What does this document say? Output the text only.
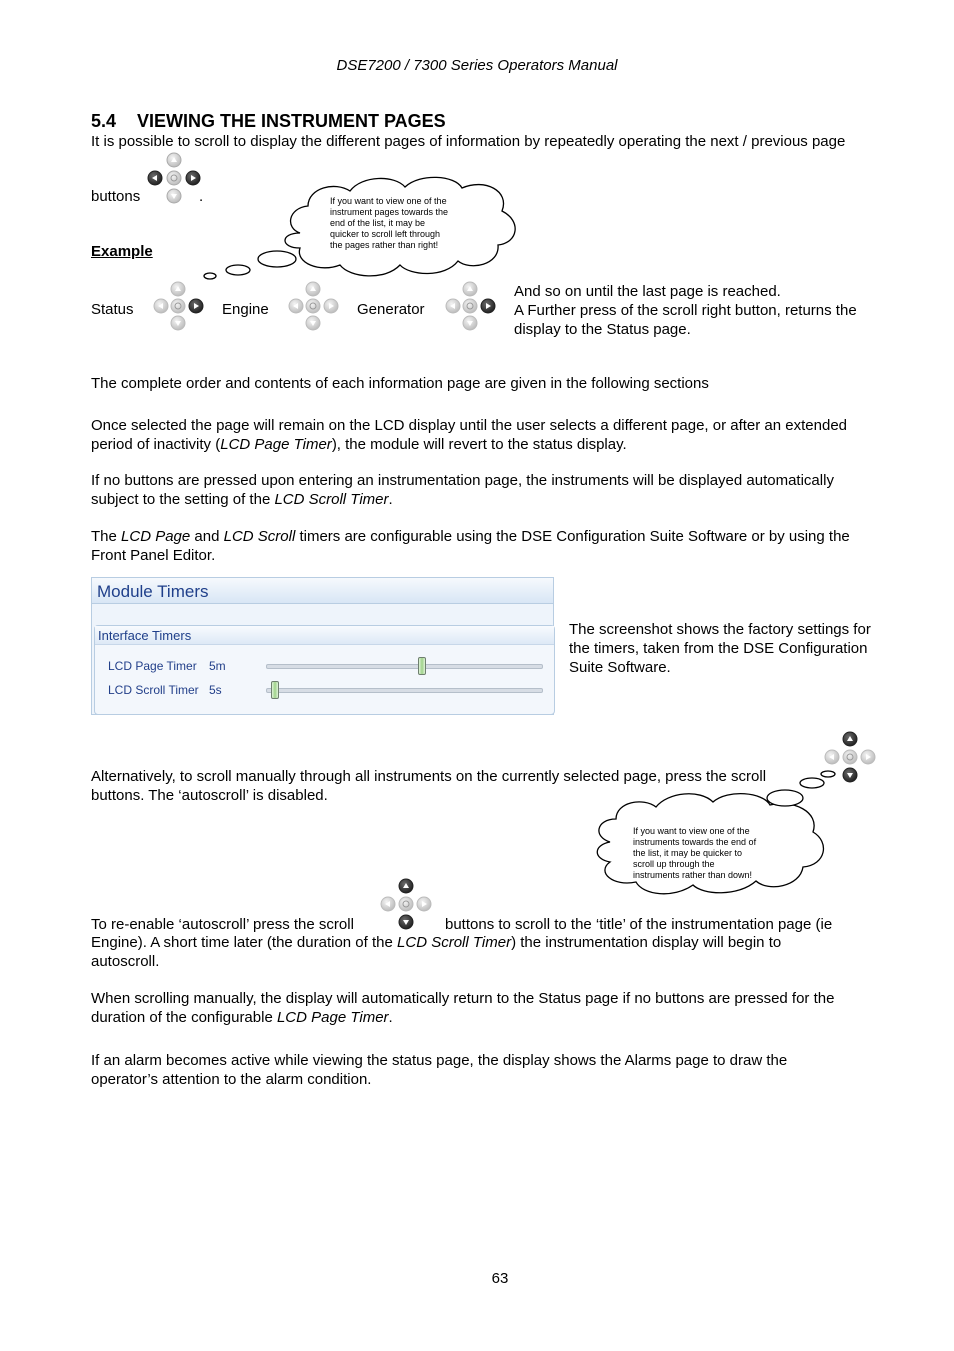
DSE7200 / 7300 Series Operators Manual
5.4 VIEWING THE INSTRUMENT PAGES
It is possible to scroll to display the different pages of information by repeatedly operating the next / previous page
buttons	.	If you want to view one of the
instrument pages towards the
end of the list, it may be
quicker to scroll left through
the pages rather than right!
Example
Status	Engine	Generator
And so on until the last page is reached.
A Further press of the scroll right button, returns the
display to the Status page.
The complete order and contents of each information page are given in the following sections
Once selected the page will remain on the LCD display until the user selects a different page, or after an extended
period of inactivity (LCD Page Timer), the module will revert to the status display.
If no buttons are pressed upon entering an instrumentation page, the instruments will be displayed automatically
subject to the setting of the LCD Scroll Timer.
The LCD Page and LCD Scroll timers are configurable using the DSE Configuration Suite Software or by using the
Front Panel Editor.
Module Timers
Interface Timers
LCD Page Timer 5m
LCD Scroll Timer 5s
The screenshot shows the factory settings for
the timers, taken from the DSE Configuration
Suite Software.
Alternatively, to scroll manually through all instruments on the currently selected page, press the scroll
buttons. The ‘autoscroll’ is disabled.
If you want to view one of the
instruments towards the end of
the list, it may be quicker to
scroll up through the
instruments rather than down!
To re-enable ‘autoscroll’ press the scroll	buttons to scroll to the ‘title’ of the instrumentation page (ie
Engine). A short time later (the duration of the LCD Scroll Timer) the instrumentation display will begin to
autoscroll.
When scrolling manually, the display will automatically return to the Status page if no buttons are pressed for the
duration of the configurable LCD Page Timer.
If an alarm becomes active while viewing the status page, the display shows the Alarms page to draw the
operator’s attention to the alarm condition.
63
